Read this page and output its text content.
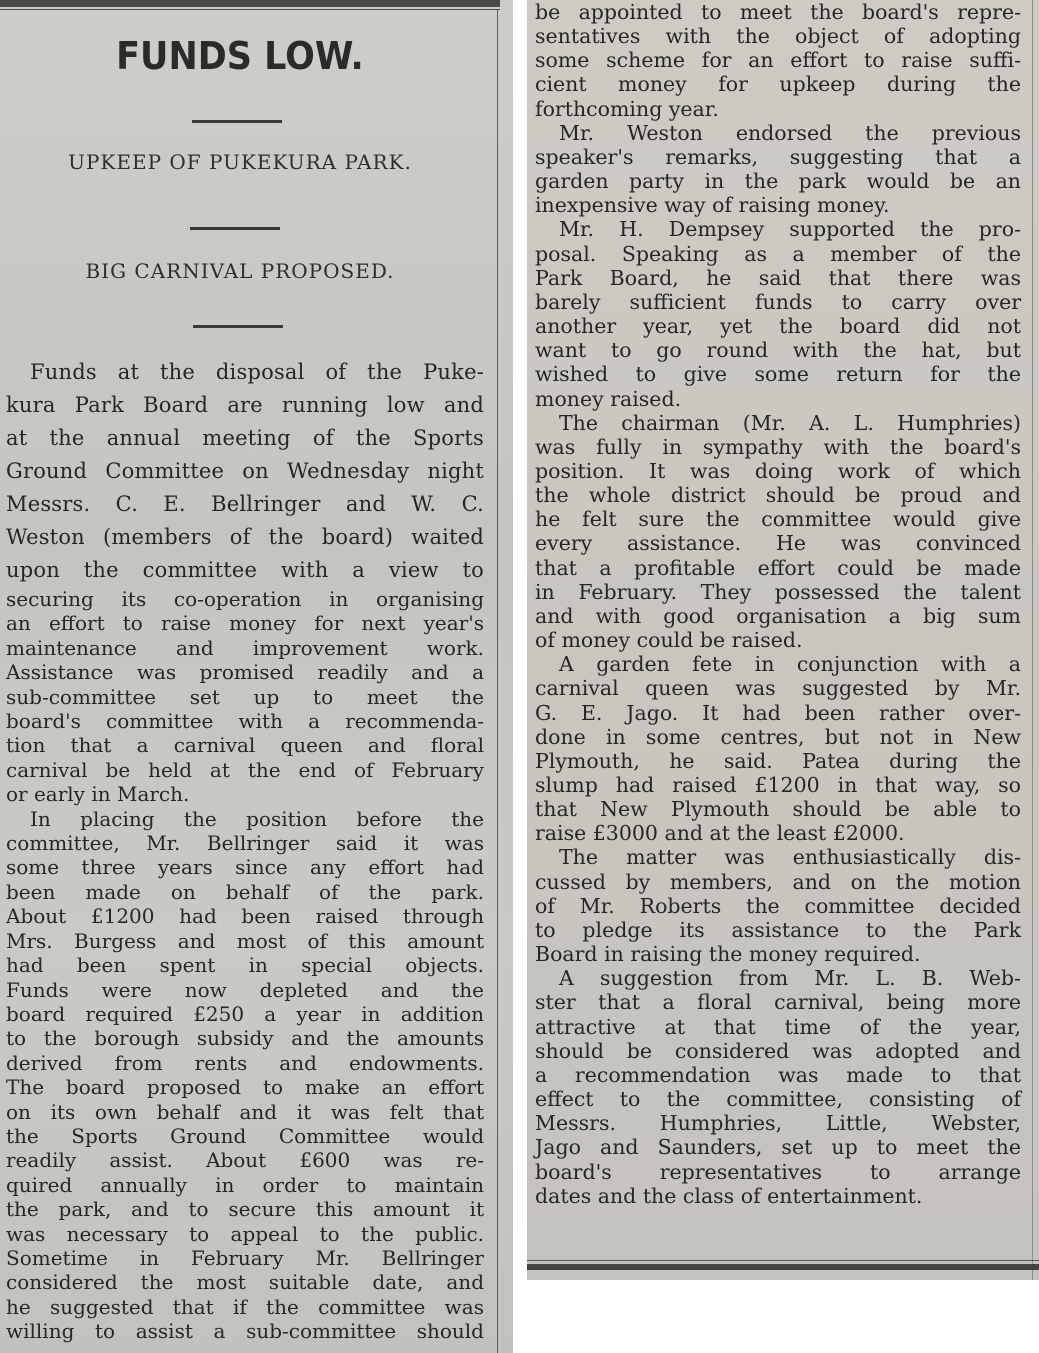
FUNDS LOW.
UPKEEP OF PUKEKURA PARK.
BIG CARNIVAL PROPOSED.

Funds at the disposal of the Puke-

kura Park Board are running low and

at the annual meeting of the Sports

Ground Committee on Wednesday night

Messrs. C. E. Bellringer and W. C.

Weston (members of the board) waited

upon the committee with a view to

securing its co-operation in organising

an effort to raise money for next year's

maintenance and improvement work.

Assistance was promised readily and a

sub-committee set up to meet the

board's committee with a recommenda-

tion that a carnival queen and floral

carnival be held at the end of February

or early in March.

In placing the position before the

committee, Mr. Bellringer said it was

some three years since any effort had

been made on behalf of the park.

About £1200 had been raised through

Mrs. Burgess and most of this amount

had been spent in special objects.

Funds were now depleted and the

board required £250 a year in addition

to the borough subsidy and the amounts

derived from rents and endowments.

The board proposed to make an effort

on its own behalf and it was felt that

the Sports Ground Committee would

readily assist. About £600 was re-

quired annually in order to maintain

the park, and to secure this amount it

was necessary to appeal to the public.

Sometime in February Mr. Bellringer

considered the most suitable date, and

he suggested that if the committee was

willing to assist a sub-committee should

be appointed to meet the board's repre-

sentatives with the object of adopting

some scheme for an effort to raise suffi-

cient money for upkeep during the

forthcoming year.

Mr. Weston endorsed the previous

speaker's remarks, suggesting that a

garden party in the park would be an

inexpensive way of raising money.

Mr. H. Dempsey supported the pro-

posal. Speaking as a member of the

Park Board, he said that there was

barely sufficient funds to carry over

another year, yet the board did not

want to go round with the hat, but

wished to give some return for the

money raised.

The chairman (Mr. A. L. Humphries)

was fully in sympathy with the board's

position. It was doing work of which

the whole district should be proud and

he felt sure the committee would give

every assistance. He was convinced

that a profitable effort could be made

in February. They possessed the talent

and with good organisation a big sum

of money could be raised.

A garden fete in conjunction with a

carnival queen was suggested by Mr.

G. E. Jago. It had been rather over-

done in some centres, but not in New

Plymouth, he said. Patea during the

slump had raised £1200 in that way, so

that New Plymouth should be able to

raise £3000 and at the least £2000.

The matter was enthusiastically dis-

cussed by members, and on the motion

of Mr. Roberts the committee decided

to pledge its assistance to the Park

Board in raising the money required.

A suggestion from Mr. L. B. Web-

ster that a floral carnival, being more

attractive at that time of the year,

should be considered was adopted and

a recommendation was made to that

effect to the committee, consisting of

Messrs. Humphries, Little, Webster,

Jago and Saunders, set up to meet the

board's representatives to arrange

dates and the class of entertainment.
